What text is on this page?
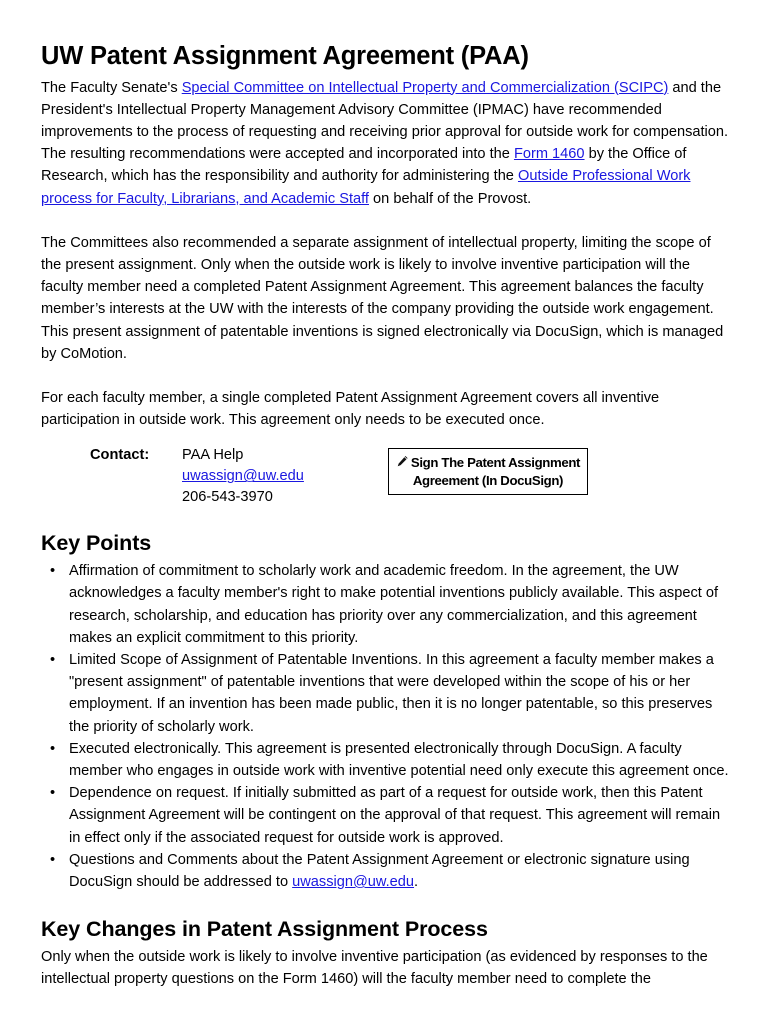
UW Patent Assignment Agreement (PAA)

The Faculty Senate's Special Committee on Intellectual Property and Commercialization (SCIPC) and the President's Intellectual Property Management Advisory Committee (IPMAC) have recommended improvements to the process of requesting and receiving prior approval for outside work for compensation. The resulting recommendations were accepted and incorporated into the Form 1460 by the Office of Research, which has the responsibility and authority for administering the Outside Professional Work process for Faculty, Librarians, and Academic Staff on behalf of the Provost.

The Committees also recommended a separate assignment of intellectual property, limiting the scope of the present assignment. Only when the outside work is likely to involve inventive participation will the faculty member need a completed Patent Assignment Agreement. This agreement balances the faculty member’s interests at the UW with the interests of the company providing the outside work engagement. This present assignment of patentable inventions is signed electronically via DocuSign, which is managed by CoMotion.

For each faculty member, a single completed Patent Assignment Agreement covers all inventive participation in outside work. This agreement only needs to be executed once.

Contact:	PAA Help
uwassign@uw.edu
206-543-3970
Sign The Patent Assignment
Agreement (In DocuSign)
Key Points
• Affirmation of commitment to scholarly work and academic freedom. In the agreement, the UW acknowledges a faculty member's right to make potential inventions publicly available. This aspect of research, scholarship, and education has priority over any commercialization, and this agreement makes an explicit commitment to this priority.
• Limited Scope of Assignment of Patentable Inventions. In this agreement a faculty member makes a "present assignment" of patentable inventions that were developed within the scope of his or her employment. If an invention has been made public, then it is no longer patentable, so this preserves the priority of scholarly work.
• Executed electronically. This agreement is presented electronically through DocuSign. A faculty member who engages in outside work with inventive potential need only execute this agreement once.
• Dependence on request. If initially submitted as part of a request for outside work, then this Patent Assignment Agreement will be contingent on the approval of that request. This agreement will remain in effect only if the associated request for outside work is approved.
• Questions and Comments about the Patent Assignment Agreement or electronic signature using DocuSign should be addressed to uwassign@uw.edu.
Key Changes in Patent Assignment Process

Only when the outside work is likely to involve inventive participation (as evidenced by responses to the intellectual property questions on the Form 1460) will the faculty member need to complete the
